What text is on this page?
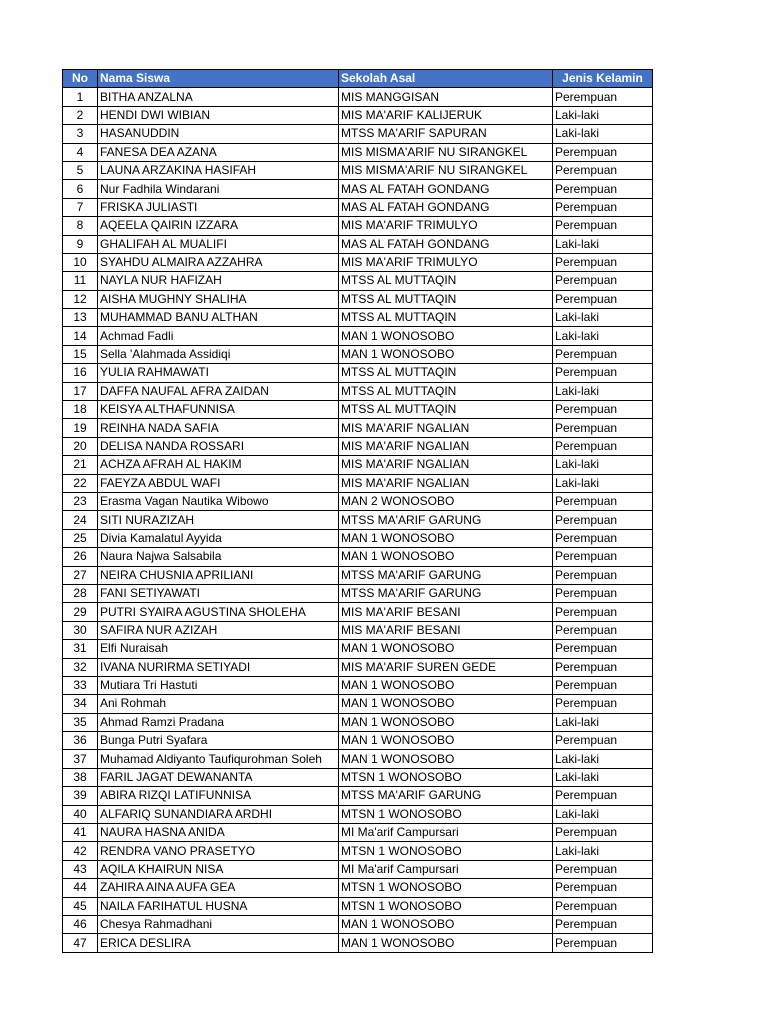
No	Nama Siswa	Sekolah Asal	Jenis Kelamin
1	BITHA ANZALNA	MIS MANGGISAN	Perempuan
2	HENDI DWI WIBIAN	MIS MA'ARIF KALIJERUK	Laki-laki
3	HASANUDDIN	MTSS MA'ARIF SAPURAN	Laki-laki
4	FANESA DEA AZANA	MIS MISMA'ARIF NU SIRANGKEL	Perempuan
5	LAUNA ARZAKINA HASIFAH	MIS MISMA'ARIF NU SIRANGKEL	Perempuan
6	Nur Fadhila Windarani	MAS AL FATAH GONDANG	Perempuan
7	FRISKA JULIASTI	MAS AL FATAH GONDANG	Perempuan
8	AQEELA QAIRIN IZZARA	MIS MA'ARIF TRIMULYO	Perempuan
9	GHALIFAH AL MUALIFI	MAS AL FATAH GONDANG	Laki-laki
10	SYAHDU ALMAIRA AZZAHRA	MIS MA'ARIF TRIMULYO	Perempuan
11	NAYLA NUR HAFIZAH	MTSS AL MUTTAQIN	Perempuan
12	AISHA MUGHNY SHALIHA	MTSS AL MUTTAQIN	Perempuan
13	MUHAMMAD BANU ALTHAN	MTSS AL MUTTAQIN	Laki-laki
14	Achmad Fadli	MAN 1 WONOSOBO	Laki-laki
15	Sella 'Alahmada Assidiqi	MAN 1 WONOSOBO	Perempuan
16	YULIA RAHMAWATI	MTSS AL MUTTAQIN	Perempuan
17	DAFFA NAUFAL AFRA ZAIDAN	MTSS AL MUTTAQIN	Laki-laki
18	KEISYA ALTHAFUNNISA	MTSS AL MUTTAQIN	Perempuan
19	REINHA NADA SAFIA	MIS MA'ARIF NGALIAN	Perempuan
20	DELISA NANDA ROSSARI	MIS MA'ARIF NGALIAN	Perempuan
21	ACHZA AFRAH AL HAKIM	MIS MA'ARIF NGALIAN	Laki-laki
22	FAEYZA ABDUL WAFI	MIS MA'ARIF NGALIAN	Laki-laki
23	Erasma Vagan Nautika Wibowo	MAN 2 WONOSOBO	Perempuan
24	SITI NURAZIZAH	MTSS MA'ARIF GARUNG	Perempuan
25	Divia Kamalatul Ayyida	MAN 1 WONOSOBO	Perempuan
26	Naura Najwa Salsabila	MAN 1 WONOSOBO	Perempuan
27	NEIRA CHUSNIA APRILIANI	MTSS MA'ARIF GARUNG	Perempuan
28	FANI SETIYAWATI	MTSS MA'ARIF GARUNG	Perempuan
29	PUTRI SYAIRA AGUSTINA SHOLEHA	MIS MA'ARIF BESANI	Perempuan
30	SAFIRA NUR AZIZAH	MIS MA'ARIF BESANI	Perempuan
31	Elfi Nuraisah	MAN 1 WONOSOBO	Perempuan
32	IVANA NURIRMA SETIYADI	MIS MA'ARIF SUREN GEDE	Perempuan
33	Mutiara Tri Hastuti	MAN 1 WONOSOBO	Perempuan
34	Ani Rohmah	MAN 1 WONOSOBO	Perempuan
35	Ahmad Ramzi Pradana	MAN 1 WONOSOBO	Laki-laki
36	Bunga Putri Syafara	MAN 1 WONOSOBO	Perempuan
37	Muhamad Aldiyanto Taufiqurohman Soleh	MAN 1 WONOSOBO	Laki-laki
38	FARIL JAGAT DEWANANTA	MTSN 1 WONOSOBO	Laki-laki
39	ABIRA RIZQI LATIFUNNISA	MTSS MA'ARIF GARUNG	Perempuan
40	ALFARIQ SUNANDIARA ARDHI	MTSN 1 WONOSOBO	Laki-laki
41	NAURA HASNA ANIDA	MI Ma'arif Campursari	Perempuan
42	RENDRA VANO PRASETYO	MTSN 1 WONOSOBO	Laki-laki
43	AQILA KHAIRUN NISA	MI Ma'arif Campursari	Perempuan
44	ZAHIRA AINA AUFA GEA	MTSN 1 WONOSOBO	Perempuan
45	NAILA FARIHATUL HUSNA	MTSN 1 WONOSOBO	Perempuan
46	Chesya Rahmadhani	MAN 1 WONOSOBO	Perempuan
47	ERICA DESLIRA	MAN 1 WONOSOBO	Perempuan
